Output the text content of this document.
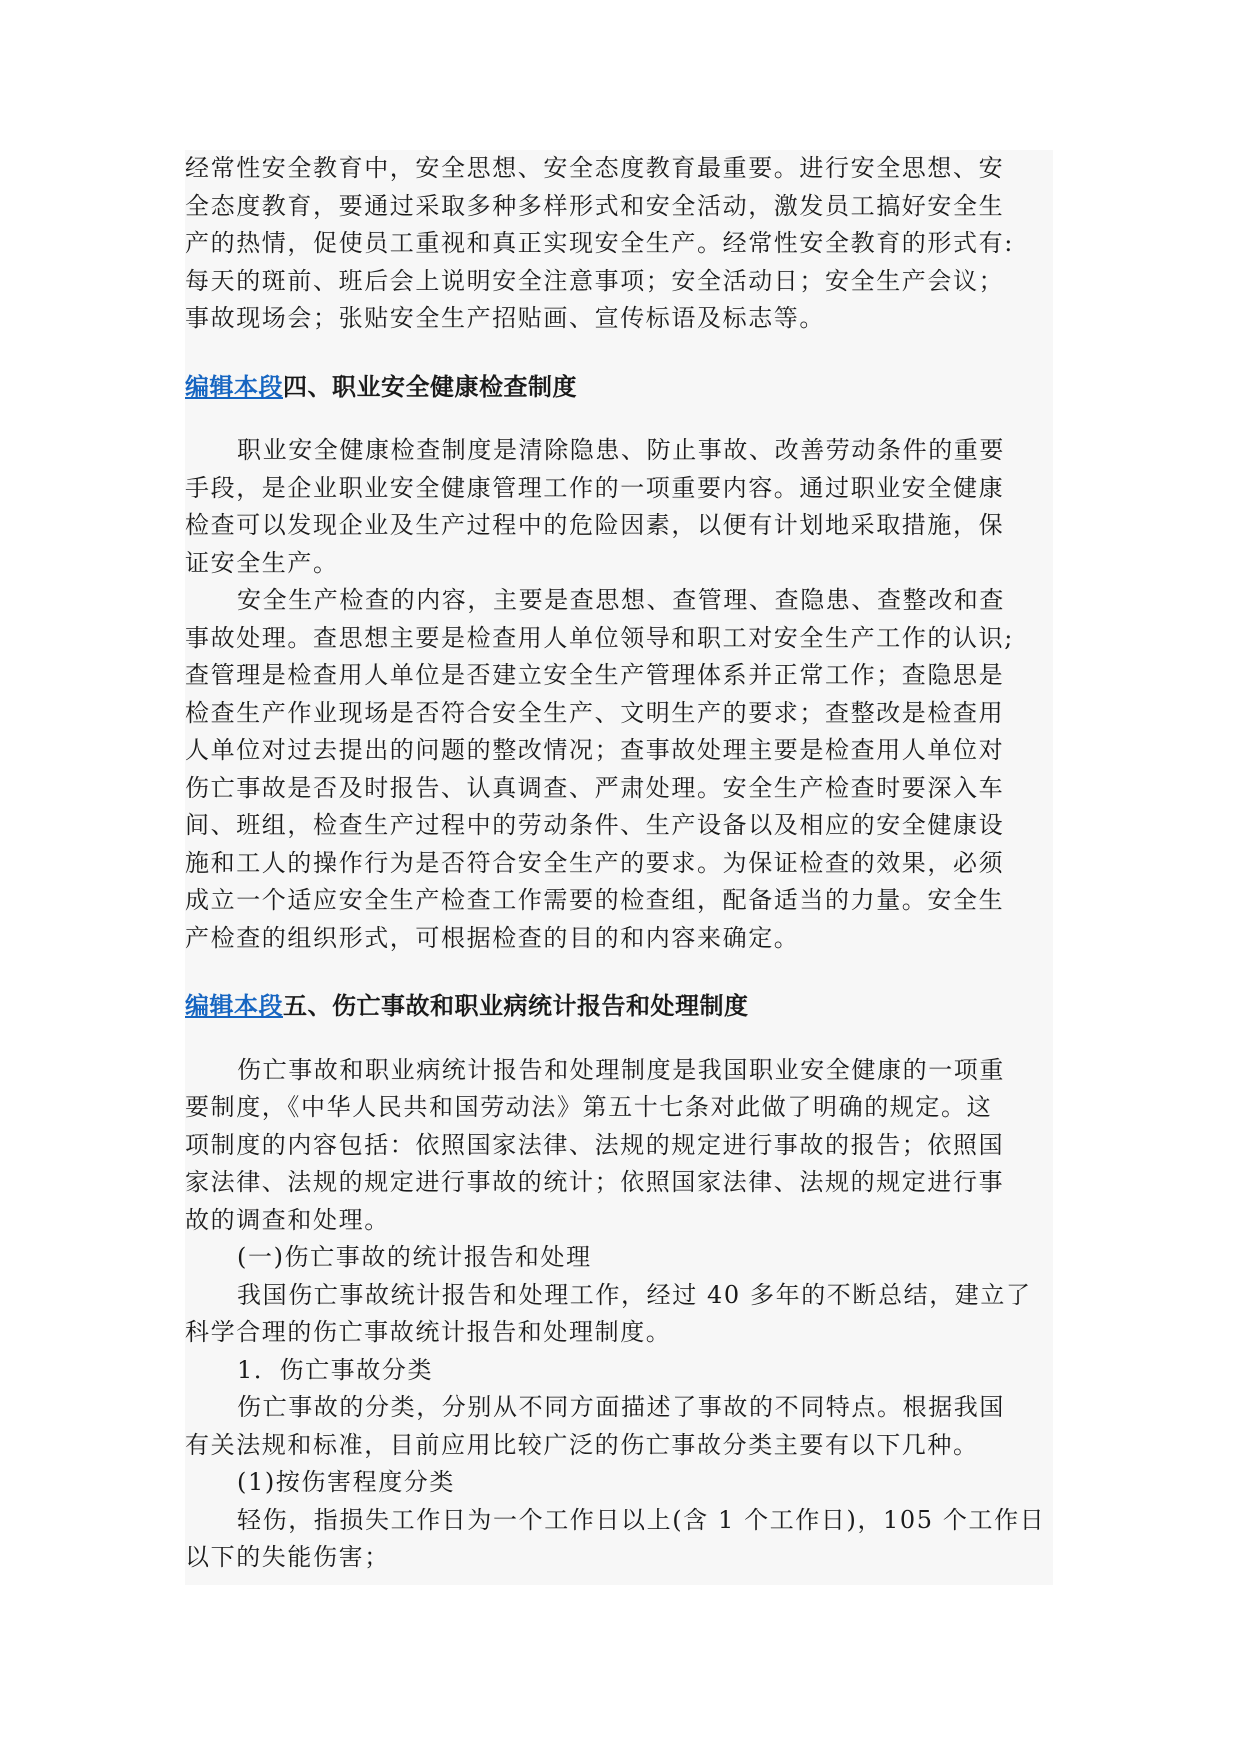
经常性安全教育中，安全思想、安全态度教育最重要。进行安全思想、安
全态度教育，要通过采取多种多样形式和安全活动，激发员工搞好安全生
产的热情，促使员工重视和真正实现安全生产。经常性安全教育的形式有:
每天的斑前、班后会上说明安全注意事项；安全活动日；安全生产会议；
事故现场会；张贴安全生产招贴画、宣传标语及标志等。
编辑本段四、职业安全健康检查制度
职业安全健康检查制度是清除隐患、防止事故、改善劳动条件的重要
手段，是企业职业安全健康管理工作的一项重要内容。通过职业安全健康
检查可以发现企业及生产过程中的危险因素，以便有计划地采取措施，保
证安全生产。
安全生产检查的内容，主要是查思想、查管理、查隐患、查整改和查
事故处理。查思想主要是检查用人单位领导和职工对安全生产工作的认识;
查管理是检查用人单位是否建立安全生产管理体系并正常工作；查隐思是
检查生产作业现场是否符合安全生产、文明生产的要求；查整改是检查用
人单位对过去提出的问题的整改情况；查事故处理主要是检查用人单位对
伤亡事故是否及时报告、认真调查、严肃处理。安全生产检查时要深入车
间、班组，检查生产过程中的劳动条件、生产设备以及相应的安全健康设
施和工人的操作行为是否符合安全生产的要求。为保证检查的效果，必须
成立一个适应安全生产检查工作需要的检查组，配备适当的力量。安全生
产检查的组织形式，可根据检查的目的和内容来确定。
编辑本段五、伤亡事故和职业病统计报告和处理制度
伤亡事故和职业病统计报告和处理制度是我国职业安全健康的一项重
要制度，《中华人民共和国劳动法》第五十七条对此做了明确的规定。这
项制度的内容包括：依照国家法律、法规的规定进行事故的报告；依照国
家法律、法规的规定进行事故的统计；依照国家法律、法规的规定进行事
故的调查和处理。
(一)伤亡事故的统计报告和处理
我国伤亡事故统计报告和处理工作，经过 40 多年的不断总结，建立了
科学合理的伤亡事故统计报告和处理制度。
1．伤亡事故分类
伤亡事故的分类，分别从不同方面描述了事故的不同特点。根据我国
有关法规和标准，目前应用比较广泛的伤亡事故分类主要有以下几种。
(1)按伤害程度分类
轻伤，指损失工作日为一个工作日以上(含 1 个工作日)，105 个工作日
以下的失能伤害；
